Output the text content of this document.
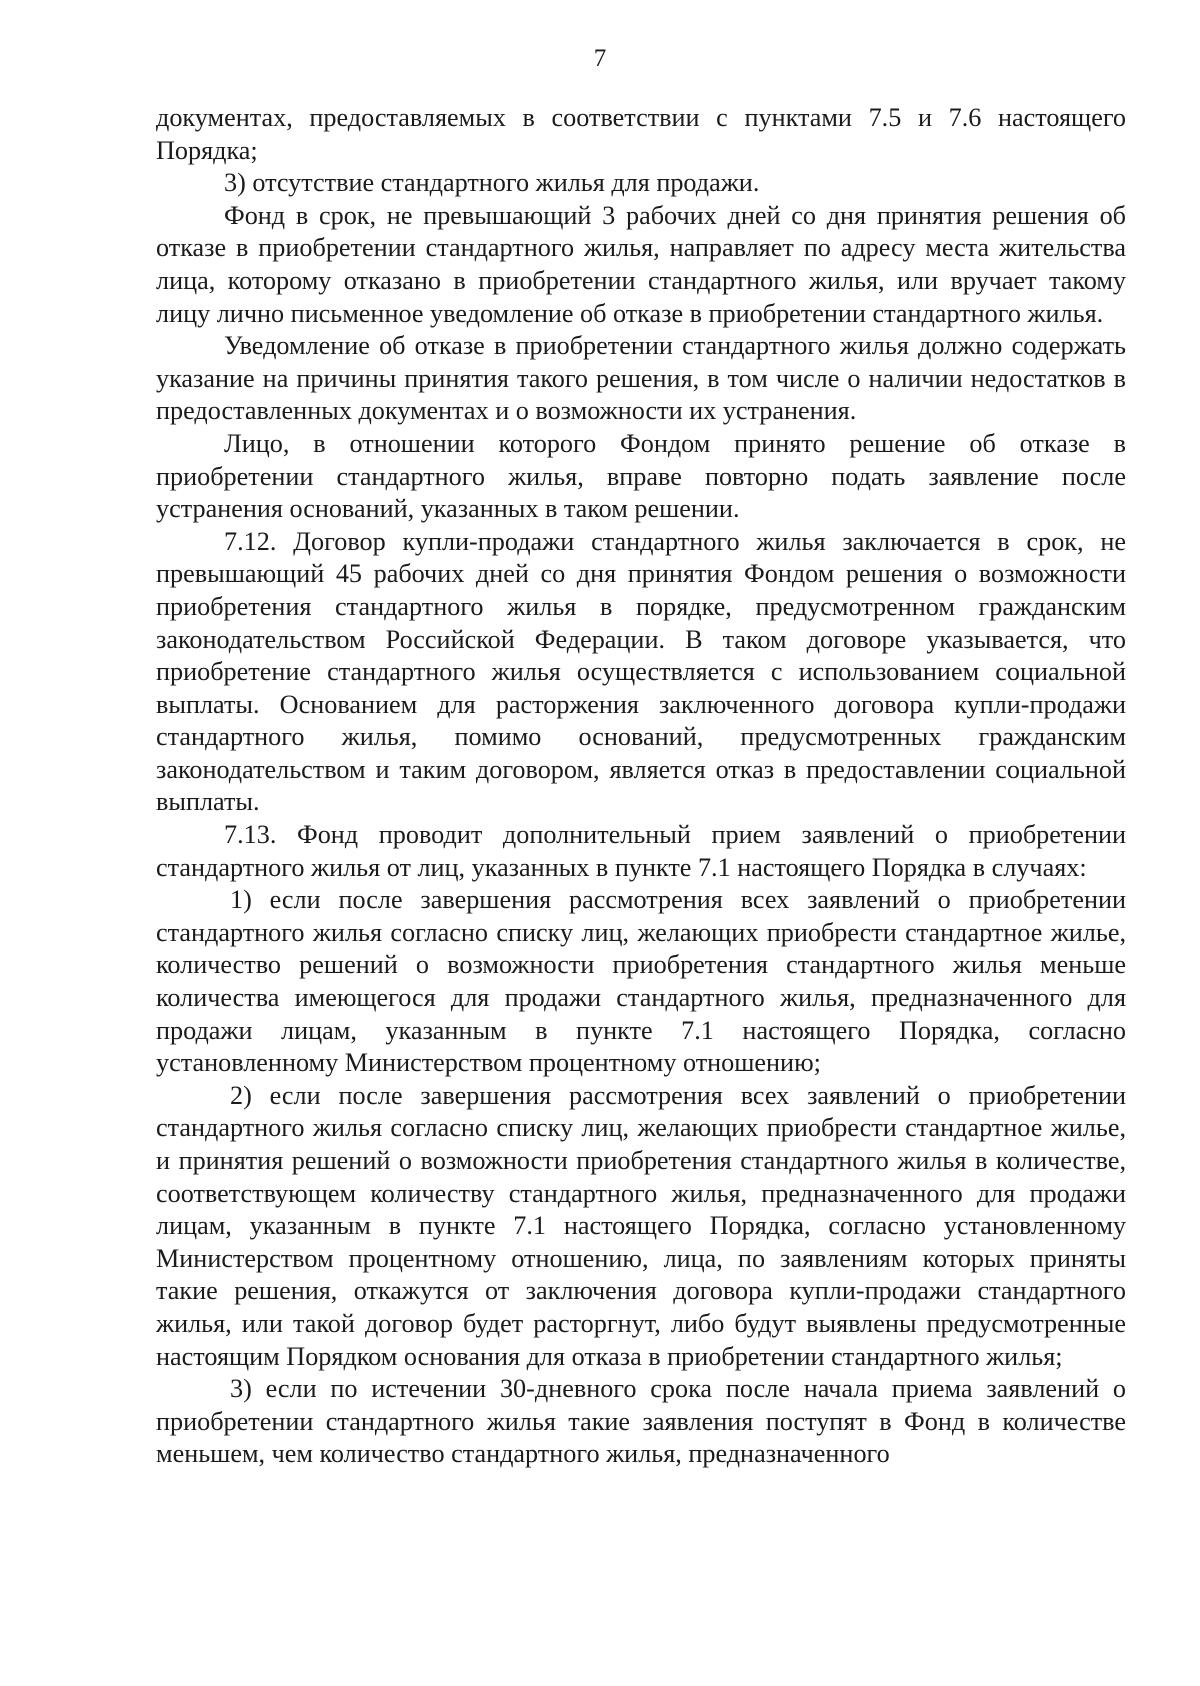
7

документах, предоставляемых в соответствии с пунктами 7.5 и 7.6 настоящего Порядка;

3) отсутствие стандартного жилья для продажи.

Фонд в срок, не превышающий 3 рабочих дней со дня принятия решения об отказе в приобретении стандартного жилья, направляет по адресу места жительства лица, которому отказано в приобретении стандартного жилья, или вручает такому лицу лично письменное уведомление об отказе в приобретении стандартного жилья.

Уведомление об отказе в приобретении стандартного жилья должно содержать указание на причины принятия такого решения, в том числе о наличии недостатков в предоставленных документах и о возможности их устранения.

Лицо, в отношении которого Фондом принято решение об отказе в приобретении стандартного жилья, вправе повторно подать заявление после устранения оснований, указанных в таком решении.

7.12. Договор купли-продажи стандартного жилья заключается в срок, не превышающий 45 рабочих дней со дня принятия Фондом решения о возможности приобретения стандартного жилья в порядке, предусмотренном гражданским законодательством Российской Федерации. В таком договоре указывается, что приобретение стандартного жилья осуществляется с использованием социальной выплаты. Основанием для расторжения заключенного договора купли-продажи стандартного жилья, помимо оснований, предусмотренных гражданским законодательством и таким договором, является отказ в предоставлении социальной выплаты.

7.13. Фонд проводит дополнительный прием заявлений о приобретении стандартного жилья от лиц, указанных в пункте 7.1 настоящего Порядка в случаях:

1) если после завершения рассмотрения всех заявлений о приобретении стандартного жилья согласно списку лиц, желающих приобрести стандартное жилье, количество решений о возможности приобретения стандартного жилья меньше количества имеющегося для продажи стандартного жилья, предназначенного для продажи лицам, указанным в пункте 7.1 настоящего Порядка, согласно установленному Министерством процентному отношению;

2) если после завершения рассмотрения всех заявлений о приобретении стандартного жилья согласно списку лиц, желающих приобрести стандартное жилье, и принятия решений о возможности приобретения стандартного жилья в количестве, соответствующем количеству стандартного жилья, предназначенного для продажи лицам, указанным в пункте 7.1 настоящего Порядка, согласно установленному Министерством процентному отношению, лица, по заявлениям которых приняты такие решения, откажутся от заключения договора купли-продажи стандартного жилья, или такой договор будет расторгнут, либо будут выявлены предусмотренные настоящим Порядком основания для отказа в приобретении стандартного жилья;

3) если по истечении 30-дневного срока после начала приема заявлений о приобретении стандартного жилья такие заявления поступят в Фонд в количестве меньшем, чем количество стандартного жилья, предназначенного
